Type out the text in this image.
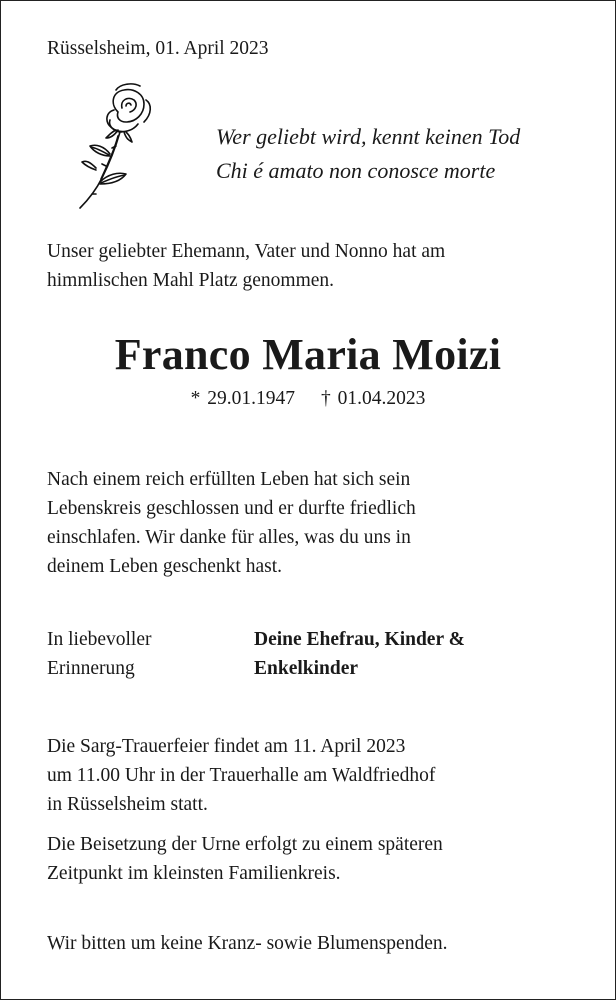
Rüsselsheim, 01. April 2023

Wer geliebt wird, kennt keinen Tod
Chi é amato non conosce morte
Unser geliebter Ehemann, Vater und Nonno hat am
himmlischen Mahl Platz genommen.

Franco Maria Moizi

* 29.01.1947 † 01.04.2023

Nach einem reich erfüllten Leben hat sich sein
Lebenskreis geschlossen und er durfte friedlich
einschlafen. Wir danke für alles, was du uns in
deinem Leben geschenkt hast.
In liebevoller
Erinnerung
Deine Ehefrau, Kinder &
Enkelkinder
Die Sarg-Trauerfeier findet am 11. April 2023
um 11.00 Uhr in der Trauerhalle am Waldfriedhof
in Rüsselsheim statt.
Die Beisetzung der Urne erfolgt zu einem späteren
Zeitpunkt im kleinsten Familienkreis.

Wir bitten um keine Kranz- sowie Blumenspenden.
